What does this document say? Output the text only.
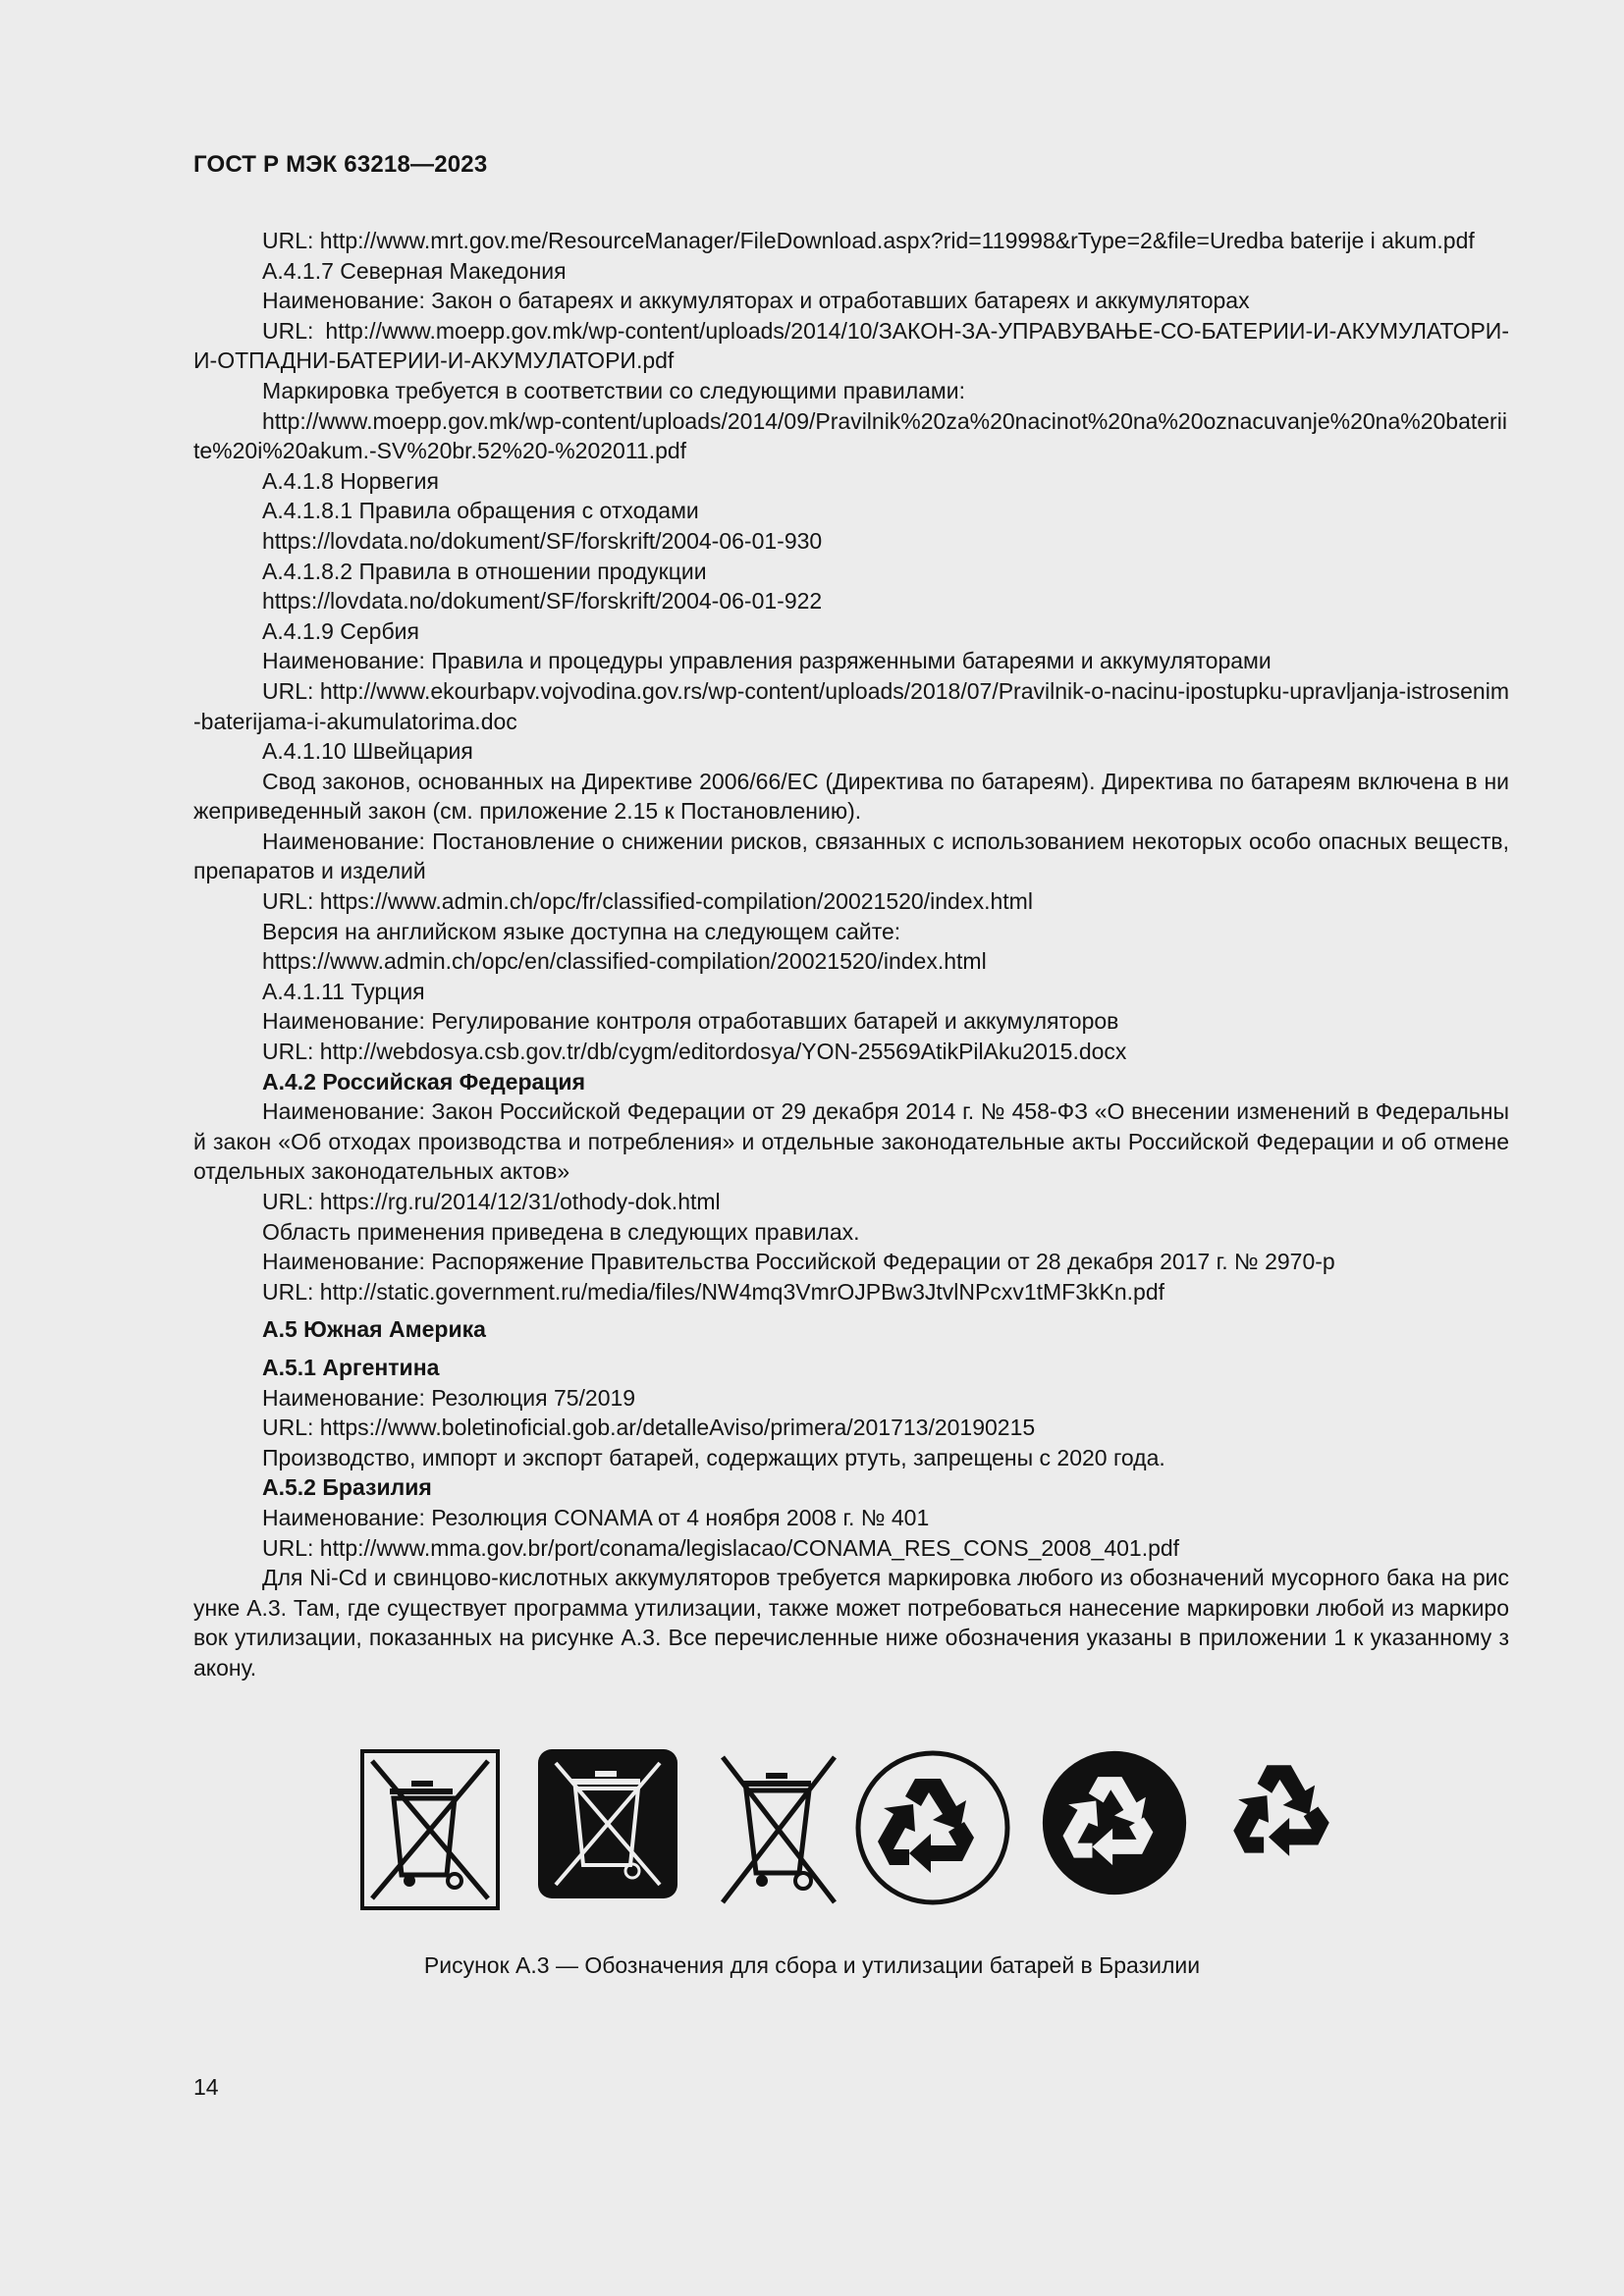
ГОСТ Р МЭК 63218—2023

URL: http://www.mrt.gov.me/ResourceManager/FileDownload.aspx?rid=119998&rType=2&file=Uredba baterije i akum.pdf

A.4.1.7 Северная Македония

Наименование: Закон о батареях и аккумуляторах и отработавших батареях и аккумуляторах

URL: http://www.moepp.gov.mk/wp-content/uploads/2014/10/ЗАКОН-ЗА-УПРАВУВАЊЕ-СО-БАТЕРИИ-И-АКУМУЛАТОРИ-И-ОТПАДНИ-БАТЕРИИ-И-АКУМУЛАТОРИ.pdf

Маркировка требуется в соответствии со следующими правилами:

http://www.moepp.gov.mk/wp-content/uploads/2014/09/Pravilnik%20za%20nacinot%20na%20oznacuvanje%20na%20bateriite%20i%20akum.-SV%20br.52%20-%202011.pdf

A.4.1.8 Норвегия

A.4.1.8.1 Правила обращения с отходами

https://lovdata.no/dokument/SF/forskrift/2004-06-01-930

A.4.1.8.2 Правила в отношении продукции

https://lovdata.no/dokument/SF/forskrift/2004-06-01-922

A.4.1.9 Сербия

Наименование: Правила и процедуры управления разряженными батареями и аккумуляторами

URL: http://www.ekourbapv.vojvodina.gov.rs/wp-content/uploads/2018/07/Pravilnik-o-nacinu-ipostupku-upravljanja-istrosenim-baterijama-i-akumulatorima.doc

A.4.1.10 Швейцария

Свод законов, основанных на Директиве 2006/66/ЕС (Директива по батареям). Директива по батареям включена в нижеприведенный закон (см. приложение 2.15 к Постановлению).

Наименование: Постановление о снижении рисков, связанных с использованием некоторых особо опасных веществ, препаратов и изделий

URL: https://www.admin.ch/opc/fr/classified-compilation/20021520/index.html

Версия на английском языке доступна на следующем сайте:

https://www.admin.ch/opc/en/classified-compilation/20021520/index.html

A.4.1.11 Турция

Наименование: Регулирование контроля отработавших батарей и аккумуляторов

URL: http://webdosya.csb.gov.tr/db/cygm/editordosya/YON-25569AtikPilAku2015.docx

A.4.2 Российская Федерация

Наименование: Закон Российской Федерации от 29 декабря 2014 г. № 458-ФЗ «О внесении изменений в Федеральный закон «Об отходах производства и потребления» и отдельные законодательные акты Российской Федерации и об отмене отдельных законодательных актов»

URL: https://rg.ru/2014/12/31/othody-dok.html

Область применения приведена в следующих правилах.

Наименование: Распоряжение Правительства Российской Федерации от 28 декабря 2017 г. № 2970-р

URL: http://static.government.ru/media/files/NW4mq3VmrOJPBw3JtvlNPcxv1tMF3kKn.pdf

A.5 Южная Америка

A.5.1 Аргентина

Наименование: Резолюция 75/2019

URL: https://www.boletinoficial.gob.ar/detalleAviso/primera/201713/20190215

Производство, импорт и экспорт батарей, содержащих ртуть, запрещены с 2020 года.

A.5.2 Бразилия

Наименование: Резолюция CONAMA от 4 ноября 2008 г. № 401

URL: http://www.mma.gov.br/port/conama/legislacao/CONAMA_RES_CONS_2008_401.pdf

Для Ni-Cd и свинцово-кислотных аккумуляторов требуется маркировка любого из обозначений мусорного бака на рисунке А.3. Там, где существует программа утилизации, также может потребоваться нанесение маркировки любой из маркировок утилизации, показанных на рисунке А.3. Все перечисленные ниже обозначения указаны в приложении 1 к указанному закону.

Рисунок А.3 — Обозначения для сбора и утилизации батарей в Бразилии
14
